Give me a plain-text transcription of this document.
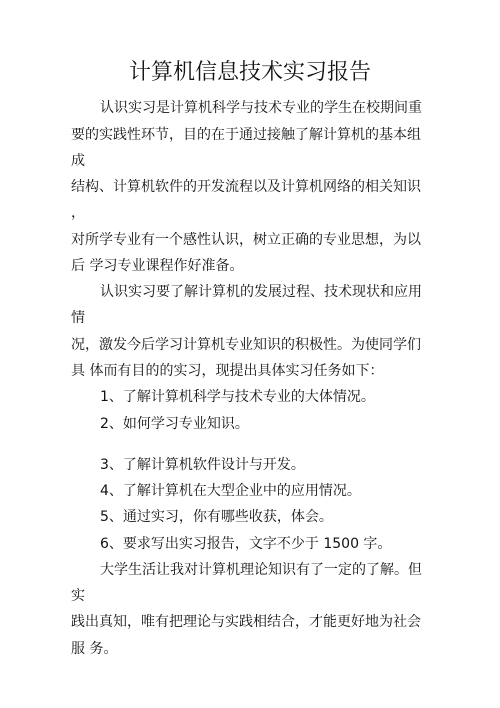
计算机信息技术实习报告

认识实习是计算机科学与技术专业的学生在校期间重

要的实践性环节，目的在于通过接触了解计算机的基本组

成

结构、计算机软件的开发流程以及计算机网络的相关知识

，

对所学专业有一个感性认识，树立正确的专业思想，为以

后 学习专业课程作好准备。

认识实习要了解计算机的发展过程、技术现状和应用

情

况，激发今后学习计算机专业知识的积极性。为使同学们

具 体而有目的的实习，现提出具体实习任务如下：

1、了解计算机科学与技术专业的大体情况。

2、如何学习专业知识。

3、了解计算机软件设计与开发。

4、了解计算机在大型企业中的应用情况。

5、通过实习，你有哪些收获，体会。

6、要求写出实习报告，文字不少于 1500 字。

大学生活让我对计算机理论知识有了一定的了解。但

实

践出真知，唯有把理论与实践相结合，才能更好地为社会

服 务。
